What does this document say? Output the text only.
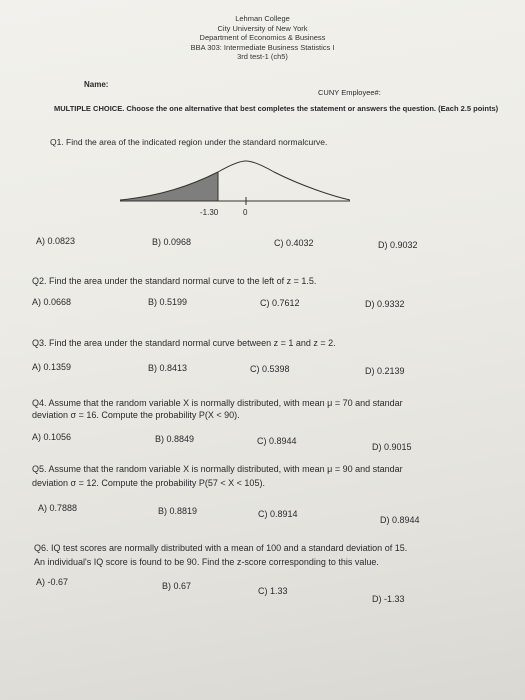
Lehman College
City University of New York
Department of Economics & Business
BBA 303: Intermediate Business Statistics I
3rd test-1 (ch5)
Name:
CUNY Employee#:
MULTIPLE CHOICE. Choose the one alternative that best completes the statement or answers the question. (Each 2.5 points)
Q1. Find the area of the indicated region under the standard normalcurve.
-1.30	0
A) 0.0823	B) 0.0968	C) 0.4032	D) 0.9032
Q2. Find the area under the standard normal curve to the left of z = 1.5.
A) 0.0668	B) 0.5199	C) 0.7612	D) 0.9332
Q3. Find the area under the standard normal curve between z = 1 and z = 2.
A) 0.1359	B) 0.8413	C) 0.5398	D) 0.2139
Q4. Assume that the random variable X is normally distributed, with mean μ = 70 and standar
deviation σ = 16. Compute the probability P(X < 90).
A) 0.1056	B) 0.8849	C) 0.8944
D) 0.9015
Q5. Assume that the random variable X is normally distributed, with mean μ = 90 and standar
deviation σ = 12. Compute the probability P(57 < X < 105).
A) 0.7888	B) 0.8819	C) 0.8914
D) 0.8944
Q6. IQ test scores are normally distributed with a mean of 100 and a standard deviation of 15.
An individual's IQ score is found to be 90. Find the z-score corresponding to this value.
A) -0.67	B) 0.67	C) 1.33
D) -1.33
